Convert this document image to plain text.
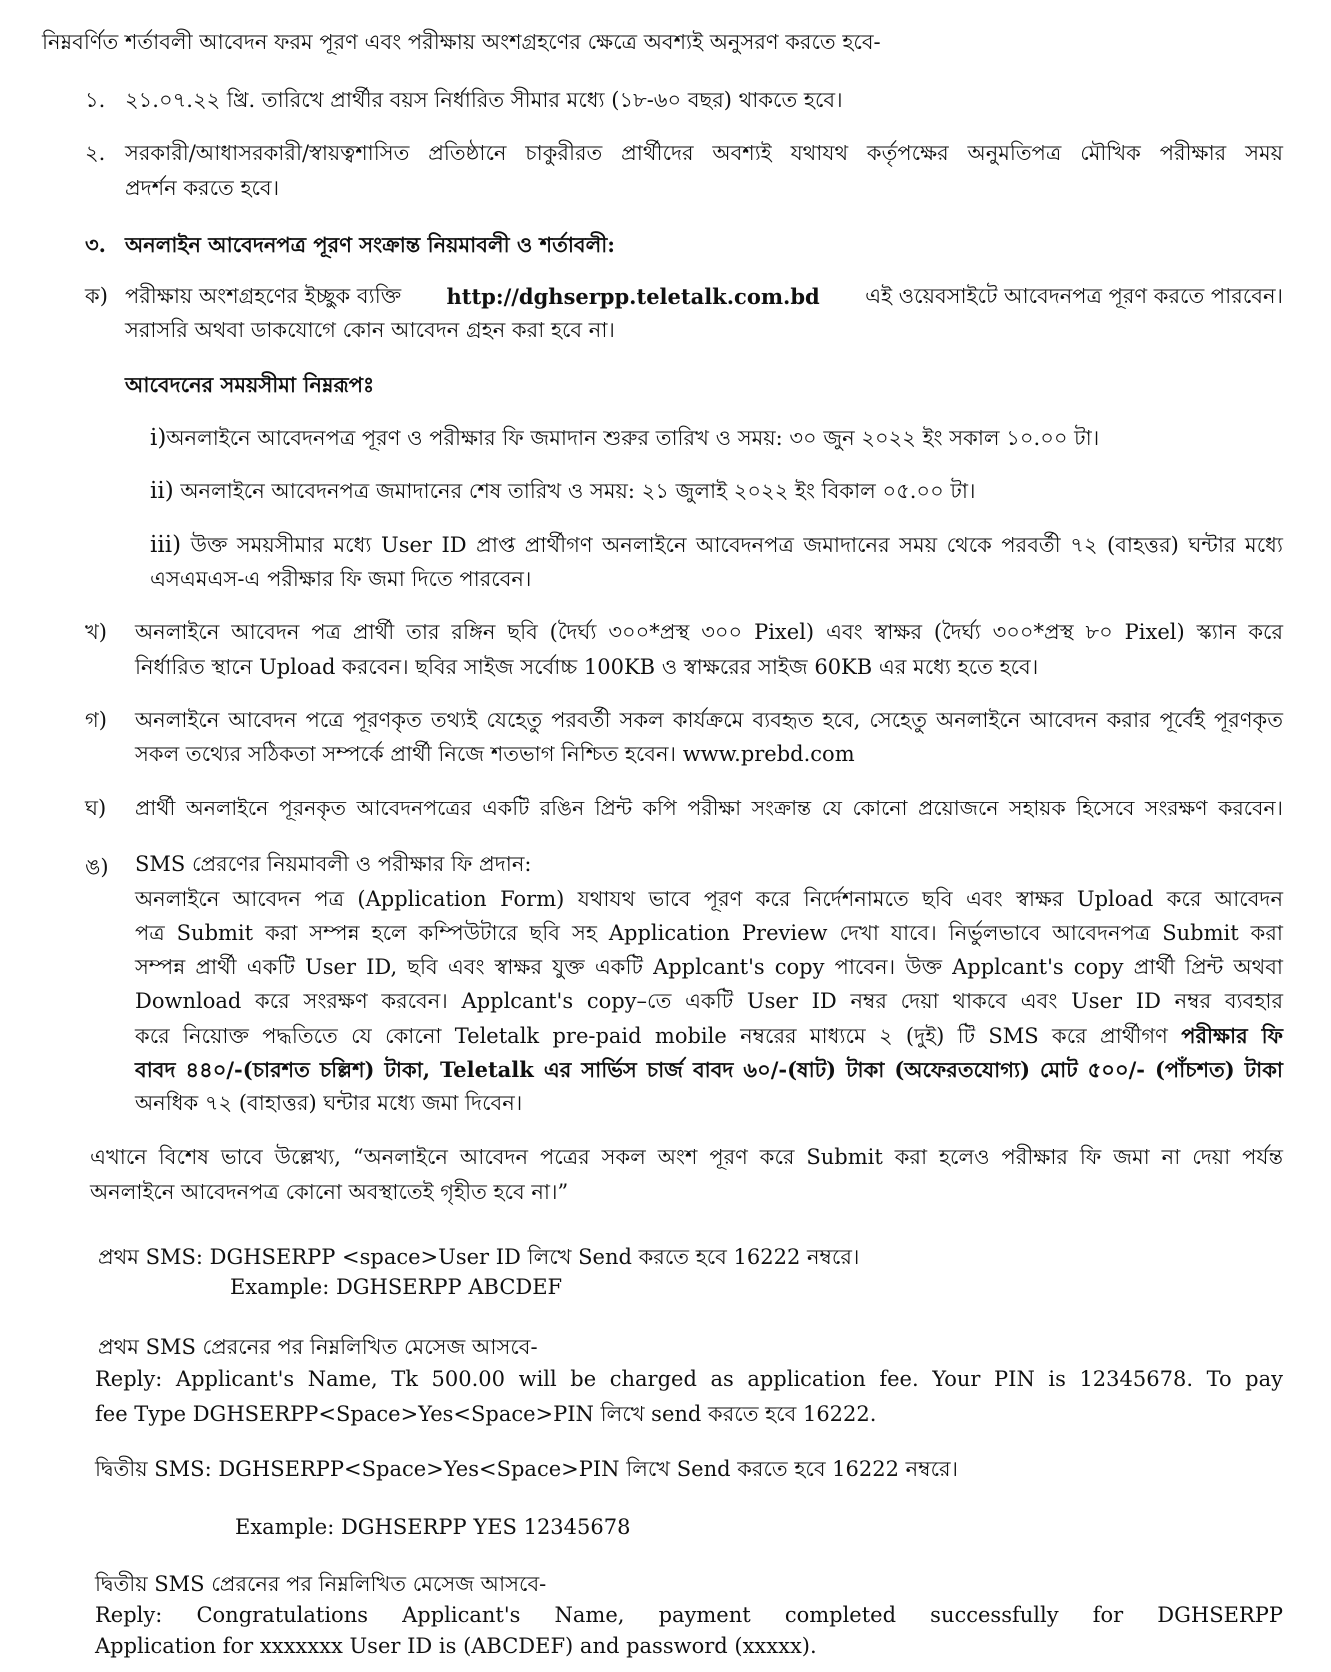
নিম্নবর্ণিত শর্তাবলী আবেদন ফরম পূরণ এবং পরীক্ষায় অংশগ্রহণের ক্ষেত্রে অবশ্যই অনুসরণ করতে হবে-
১. ২১.০৭.২২ খ্রি. তারিখে প্রার্থীর বয়স নির্ধারিত সীমার মধ্যে (১৮-৬০ বছর) থাকতে হবে।
২. সরকারী/আধাসরকারী/স্বায়ত্বশাসিত প্রতিষ্ঠানে চাকুরীরত প্রার্থীদের অবশ্যই যথাযথ কর্তৃপক্ষের অনুমতিপত্র মৌখিক পরীক্ষার সময়
প্রদর্শন করতে হবে।
৩. অনলাইন আবেদনপত্র পূরণ সংক্রান্ত নিয়মাবলী ও শর্তাবলী:
ক) পরীক্ষায় অংশগ্রহণের ইচ্ছুক ব্যক্তি http://dghserpp.teletalk.com.bd এই ওয়েবসাইটে আবেদনপত্র পূরণ করতে পারবেন।
সরাসরি অথবা ডাকযোগে কোন আবেদন গ্রহন করা হবে না।
আবেদনের সময়সীমা নিম্নরূপঃ
i)অনলাইনে আবেদনপত্র পূরণ ও পরীক্ষার ফি জমাদান শুরুর তারিখ ও সময়: ৩০ জুন ২০২২ ইং সকাল ১০.০০ টা।
ii) অনলাইনে আবেদনপত্র জমাদানের শেষ তারিখ ও সময়: ২১ জুলাই ২০২২ ইং বিকাল ০৫.০০ টা।
iii) উক্ত সময়সীমার মধ্যে User ID প্রাপ্ত প্রার্থীগণ অনলাইনে আবেদনপত্র জমাদানের সময় থেকে পরবর্তী ৭২ (বাহত্তর) ঘন্টার মধ্যে
এসএমএস-এ পরীক্ষার ফি জমা দিতে পারবেন।
খ) অনলাইনে আবেদন পত্র প্রার্থী তার রঙ্গিন ছবি (দৈর্ঘ্য ৩০০*প্রস্থ ৩০০ Pixel) এবং স্বাক্ষর (দৈর্ঘ্য ৩০০*প্রস্থ ৮০ Pixel) স্ক্যান করে
নির্ধারিত স্থানে Upload করবেন। ছবির সাইজ সর্বোচ্চ 100KB ও স্বাক্ষরের সাইজ 60KB এর মধ্যে হতে হবে।
গ) অনলাইনে আবেদন পত্রে পূরণকৃত তথ্যই যেহেতু পরবর্তী সকল কার্যক্রমে ব্যবহৃত হবে, সেহেতু অনলাইনে আবেদন করার পূর্বেই পূরণকৃত
সকল তথ্যের সঠিকতা সম্পর্কে প্রার্থী নিজে শতভাগ নিশ্চিত হবেন। www.prebd.com
ঘ) প্রার্থী অনলাইনে পূরনকৃত আবেদনপত্রের একটি রঙিন প্রিন্ট কপি পরীক্ষা সংক্রান্ত যে কোনো প্রয়োজনে সহায়ক হিসেবে সংরক্ষণ করবেন।
ঙ) SMS প্রেরণের নিয়মাবলী ও পরীক্ষার ফি প্রদান:
অনলাইনে আবেদন পত্র (Application Form) যথাযথ ভাবে পূরণ করে নির্দেশনামতে ছবি এবং স্বাক্ষর Upload করে আবেদন
পত্র Submit করা সম্পন্ন হলে কম্পিউটারে ছবি সহ Application Preview দেখা যাবে। নির্ভুলভাবে আবেদনপত্র Submit করা
সম্পন্ন প্রার্থী একটি User ID, ছবি এবং স্বাক্ষর যুক্ত একটি Applcant's copy পাবেন। উক্ত Applcant's copy প্রার্থী প্রিন্ট অথবা
Download করে সংরক্ষণ করবেন। Applcant's copy–তে একটি User ID নম্বর দেয়া থাকবে এবং User ID নম্বর ব্যবহার
করে নিয়োক্ত পদ্ধতিতে যে কোনো Teletalk pre-paid mobile নম্বরের মাধ্যমে ২ (দুই) টি SMS করে প্রার্থীগণ পরীক্ষার ফি
বাবদ ৪৪০/-(চারশত চল্লিশ) টাকা, Teletalk এর সার্ভিস চার্জ বাবদ ৬০/-(ষাট) টাকা (অফেরতযোগ্য) মোট ৫০০/- (পাঁচশত) টাকা
অনধিক ৭২ (বাহাত্তর) ঘন্টার মধ্যে জমা দিবেন।
এখানে বিশেষ ভাবে উল্লেখ্য, “অনলাইনে আবেদন পত্রের সকল অংশ পূরণ করে Submit করা হলেও পরীক্ষার ফি জমা না দেয়া পর্যন্ত
অনলাইনে আবেদনপত্র কোনো অবস্থাতেই গৃহীত হবে না।”
প্রথম SMS: DGHSERPP <space>User ID লিখে Send করতে হবে 16222 নম্বরে।
Example: DGHSERPP ABCDEF
প্রথম SMS প্রেরনের পর নিম্নলিখিত মেসেজ আসবে-
Reply: Applicant's Name, Tk 500.00 will be charged as application fee. Your PIN is 12345678. To pay
fee Type DGHSERPP<Space>Yes<Space>PIN লিখে send করতে হবে 16222.
দ্বিতীয় SMS: DGHSERPP<Space>Yes<Space>PIN লিখে Send করতে হবে 16222 নম্বরে।
Example: DGHSERPP YES 12345678
দ্বিতীয় SMS প্রেরনের পর নিম্নলিখিত মেসেজ আসবে-
Reply: Congratulations Applicant's Name, payment completed successfully for DGHSERPP
Application for xxxxxxx User ID is (ABCDEF) and password (xxxxx).
